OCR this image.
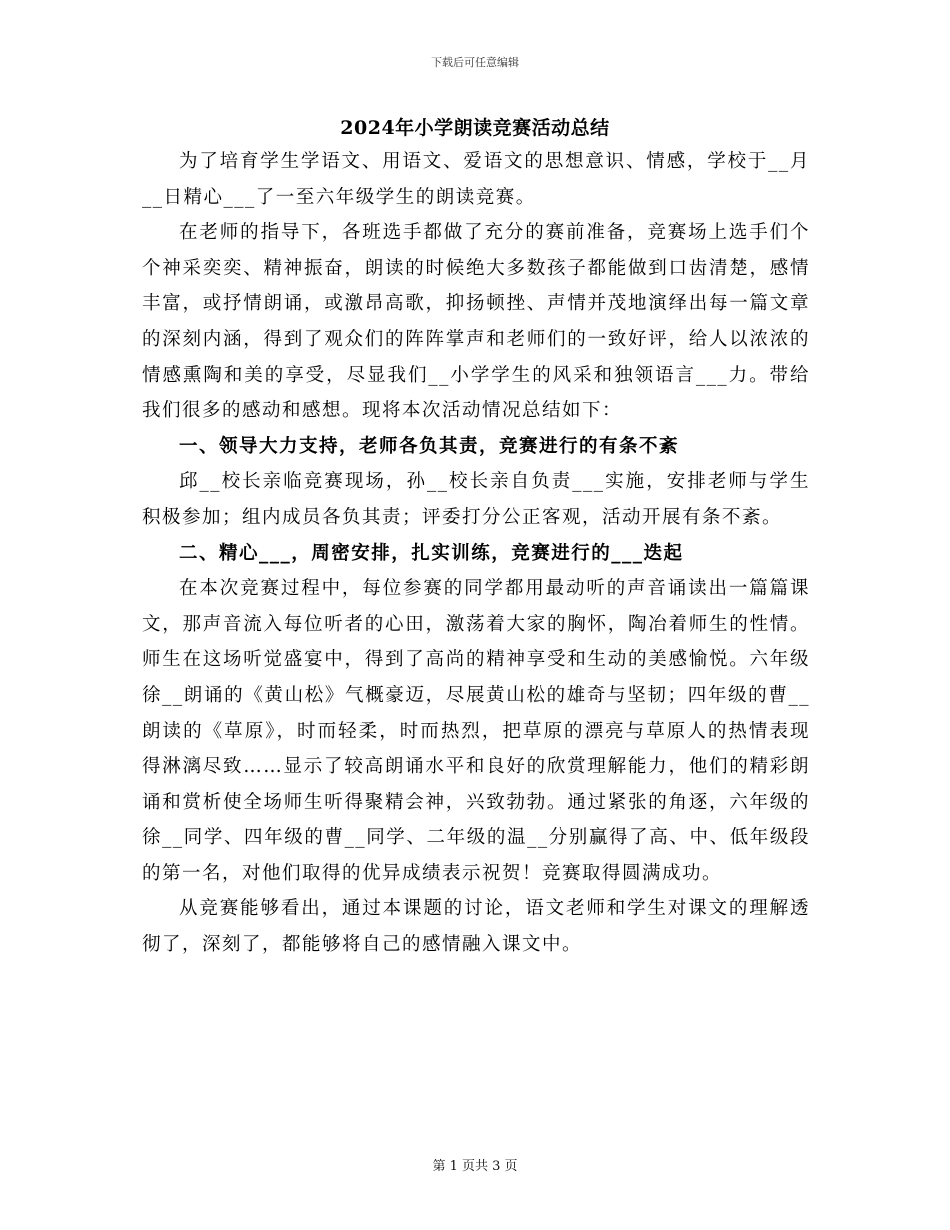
下载后可任意编辑
2024年小学朗读竞赛活动总结

为了培育学生学语文、用语文、爱语文的思想意识、情感，学校于__月__日精心___了一至六年级学生的朗读竞赛。

在老师的指导下，各班选手都做了充分的赛前准备，竞赛场上选手们个个神采奕奕、精神振奋，朗读的时候绝大多数孩子都能做到口齿清楚，感情丰富，或抒情朗诵，或激昂高歌，抑扬顿挫、声情并茂地演绎出每一篇文章的深刻内涵，得到了观众们的阵阵掌声和老师们的一致好评，给人以浓浓的情感熏陶和美的享受，尽显我们__小学学生的风采和独领语言___力。带给我们很多的感动和感想。现将本次活动情况总结如下：

一、领导大力支持，老师各负其责，竞赛进行的有条不紊

邱__校长亲临竞赛现场，孙__校长亲自负责___实施，安排老师与学生积极参加；组内成员各负其责；评委打分公正客观，活动开展有条不紊。

二、精心___，周密安排，扎实训练，竞赛进行的___迭起

在本次竞赛过程中，每位参赛的同学都用最动听的声音诵读出一篇篇课文，那声音流入每位听者的心田，激荡着大家的胸怀，陶冶着师生的性情。师生在这场听觉盛宴中，得到了高尚的精神享受和生动的美感愉悦。六年级徐__朗诵的《黄山松》气概豪迈，尽展黄山松的雄奇与坚韧；四年级的曹__朗读的《草原》，时而轻柔，时而热烈，把草原的漂亮与草原人的热情表现得淋漓尽致……显示了较高朗诵水平和良好的欣赏理解能力，他们的精彩朗诵和赏析使全场师生听得聚精会神，兴致勃勃。通过紧张的角逐，六年级的徐__同学、四年级的曹__同学、二年级的温__分别赢得了高、中、低年级段的第一名，对他们取得的优异成绩表示祝贺！竞赛取得圆满成功。

从竞赛能够看出，通过本课题的讨论，语文老师和学生对课文的理解透彻了，深刻了，都能够将自己的感情融入课文中。

第 1 页共 3 页
